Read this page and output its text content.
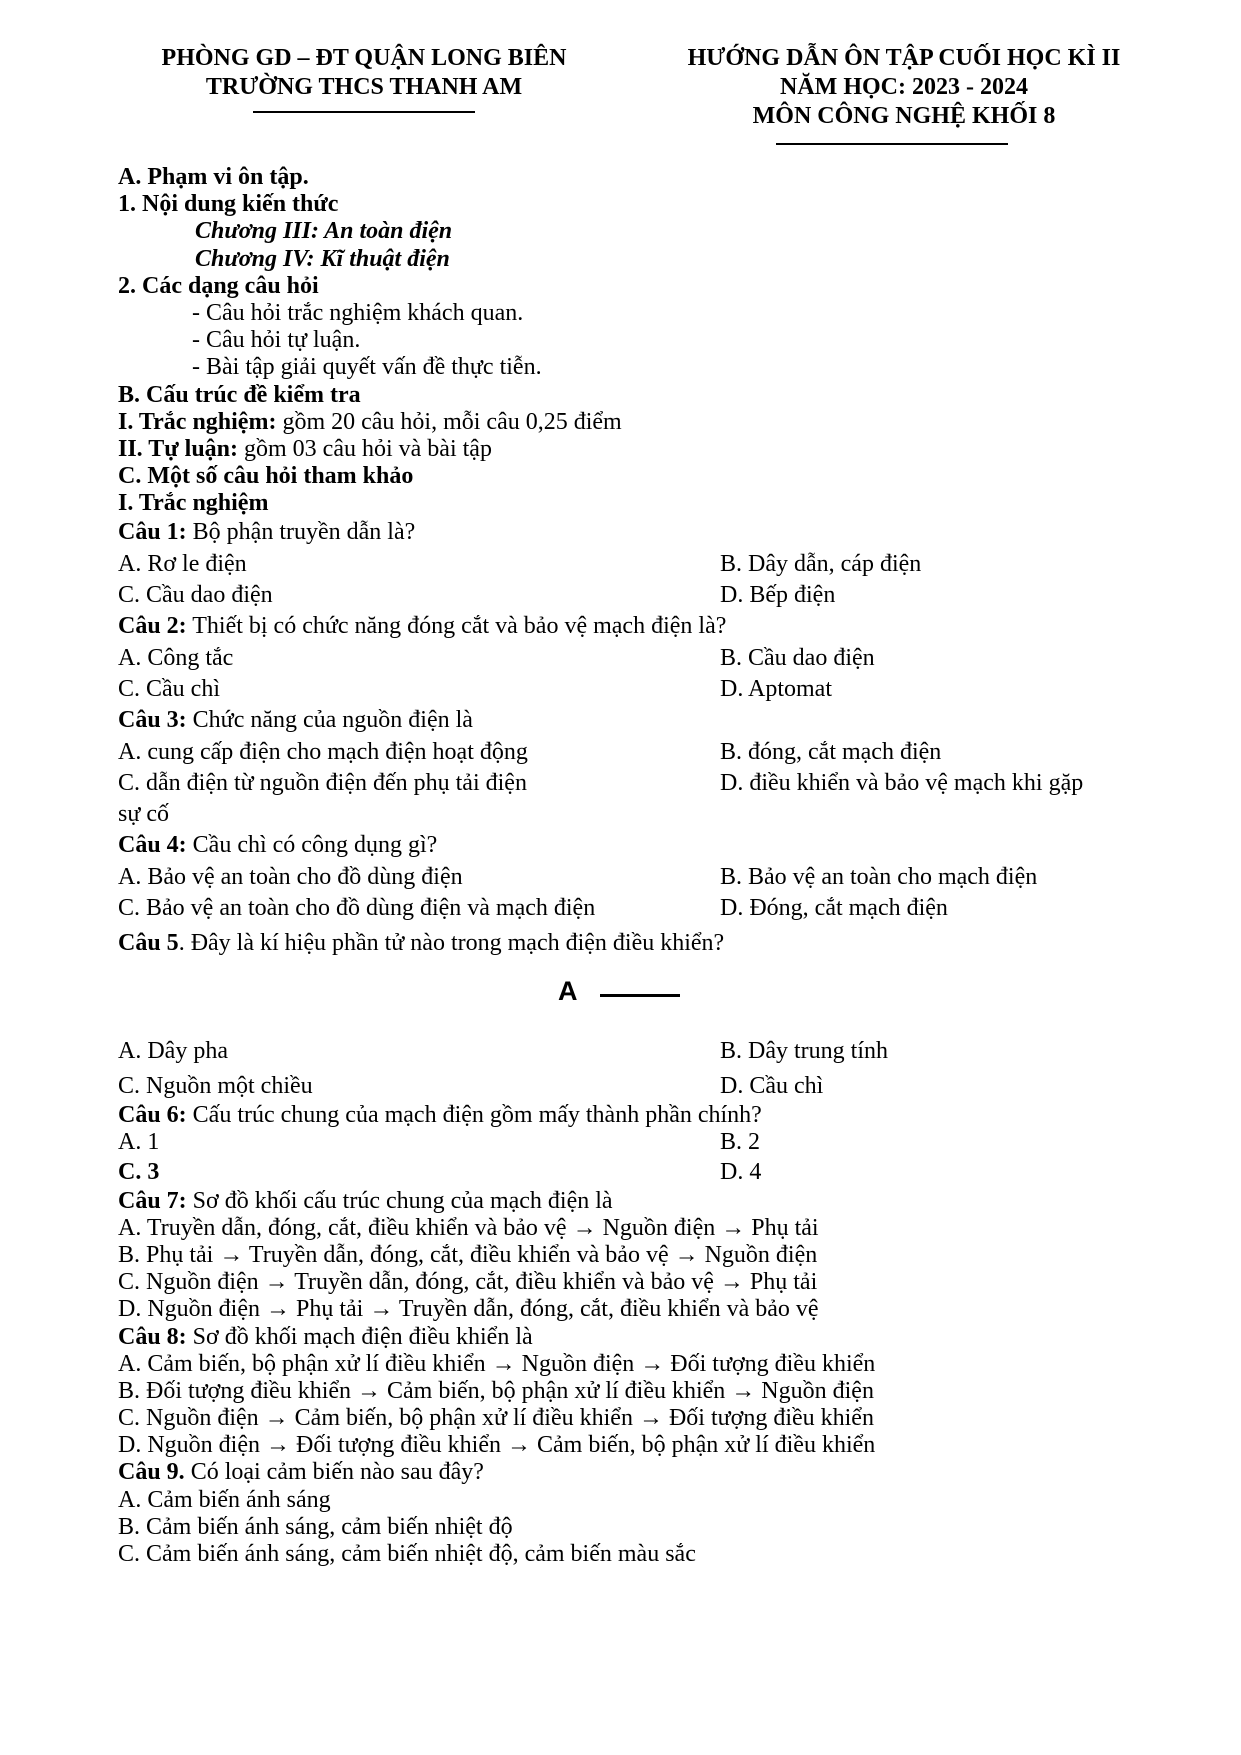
PHÒNG GD – ĐT QUẬN LONG BIÊN
TRƯỜNG THCS THANH AM
HƯỚNG DẪN ÔN TẬP CUỐI HỌC KÌ II
NĂM HỌC: 2023 - 2024
MÔN CÔNG NGHỆ KHỐI 8
A. Phạm vi ôn tập.
1. Nội dung kiến thức
Chương III: An toàn điện
Chương IV: Kĩ thuật điện
2. Các dạng câu hỏi
- Câu hỏi trắc nghiệm khách quan.
- Câu hỏi tự luận.
- Bài tập giải quyết vấn đề thực tiễn.
B. Cấu trúc đề kiểm tra
I. Trắc nghiệm: gồm 20 câu hỏi, mỗi câu 0,25 điểm
II. Tự luận: gồm 03 câu hỏi và bài tập
C. Một số câu hỏi tham khảo
I. Trắc nghiệm
Câu 1: Bộ phận truyền dẫn là?
A. Rơ le điện	B. Dây dẫn, cáp điện
C. Cầu dao điện	D. Bếp điện
Câu 2: Thiết bị có chức năng đóng cắt và bảo vệ mạch điện là?
A. Công tắc	B. Cầu dao điện
C. Cầu chì	D. Aptomat
Câu 3: Chức năng của nguồn điện là
A. cung cấp điện cho mạch điện hoạt động	B. đóng, cắt mạch điện
C. dẫn điện từ nguồn điện đến phụ tải điện	D. điều khiển và bảo vệ mạch khi gặp
sự cố
Câu 4: Cầu chì có công dụng gì?
A. Bảo vệ an toàn cho đồ dùng điện	B. Bảo vệ an toàn cho mạch điện
C. Bảo vệ an toàn cho đồ dùng điện và mạch điện	D. Đóng, cắt mạch điện
Câu 5. Đây là kí hiệu phần tử nào trong mạch điện điều khiển?
A
A. Dây pha	B. Dây trung tính
C. Nguồn một chiều	D. Cầu chì
Câu 6: Cấu trúc chung của mạch điện gồm mấy thành phần chính?
A. 1	B. 2
C. 3	D. 4
Câu 7: Sơ đồ khối cấu trúc chung của mạch điện là
A. Truyền dẫn, đóng, cắt, điều khiển và bảo vệ → Nguồn điện → Phụ tải
B. Phụ tải → Truyền dẫn, đóng, cắt, điều khiển và bảo vệ → Nguồn điện
C. Nguồn điện → Truyền dẫn, đóng, cắt, điều khiển và bảo vệ → Phụ tải
D. Nguồn điện → Phụ tải → Truyền dẫn, đóng, cắt, điều khiển và bảo vệ
Câu 8: Sơ đồ khối mạch điện điều khiển là
A. Cảm biến, bộ phận xử lí điều khiển → Nguồn điện → Đối tượng điều khiển
B. Đối tượng điều khiển → Cảm biến, bộ phận xử lí điều khiển → Nguồn điện
C. Nguồn điện → Cảm biến, bộ phận xử lí điều khiển → Đối tượng điều khiển
D. Nguồn điện → Đối tượng điều khiển → Cảm biến, bộ phận xử lí điều khiển
Câu 9. Có loại cảm biến nào sau đây?
A. Cảm biến ánh sáng
B. Cảm biến ánh sáng, cảm biến nhiệt độ
C. Cảm biến ánh sáng, cảm biến nhiệt độ, cảm biến màu sắc
